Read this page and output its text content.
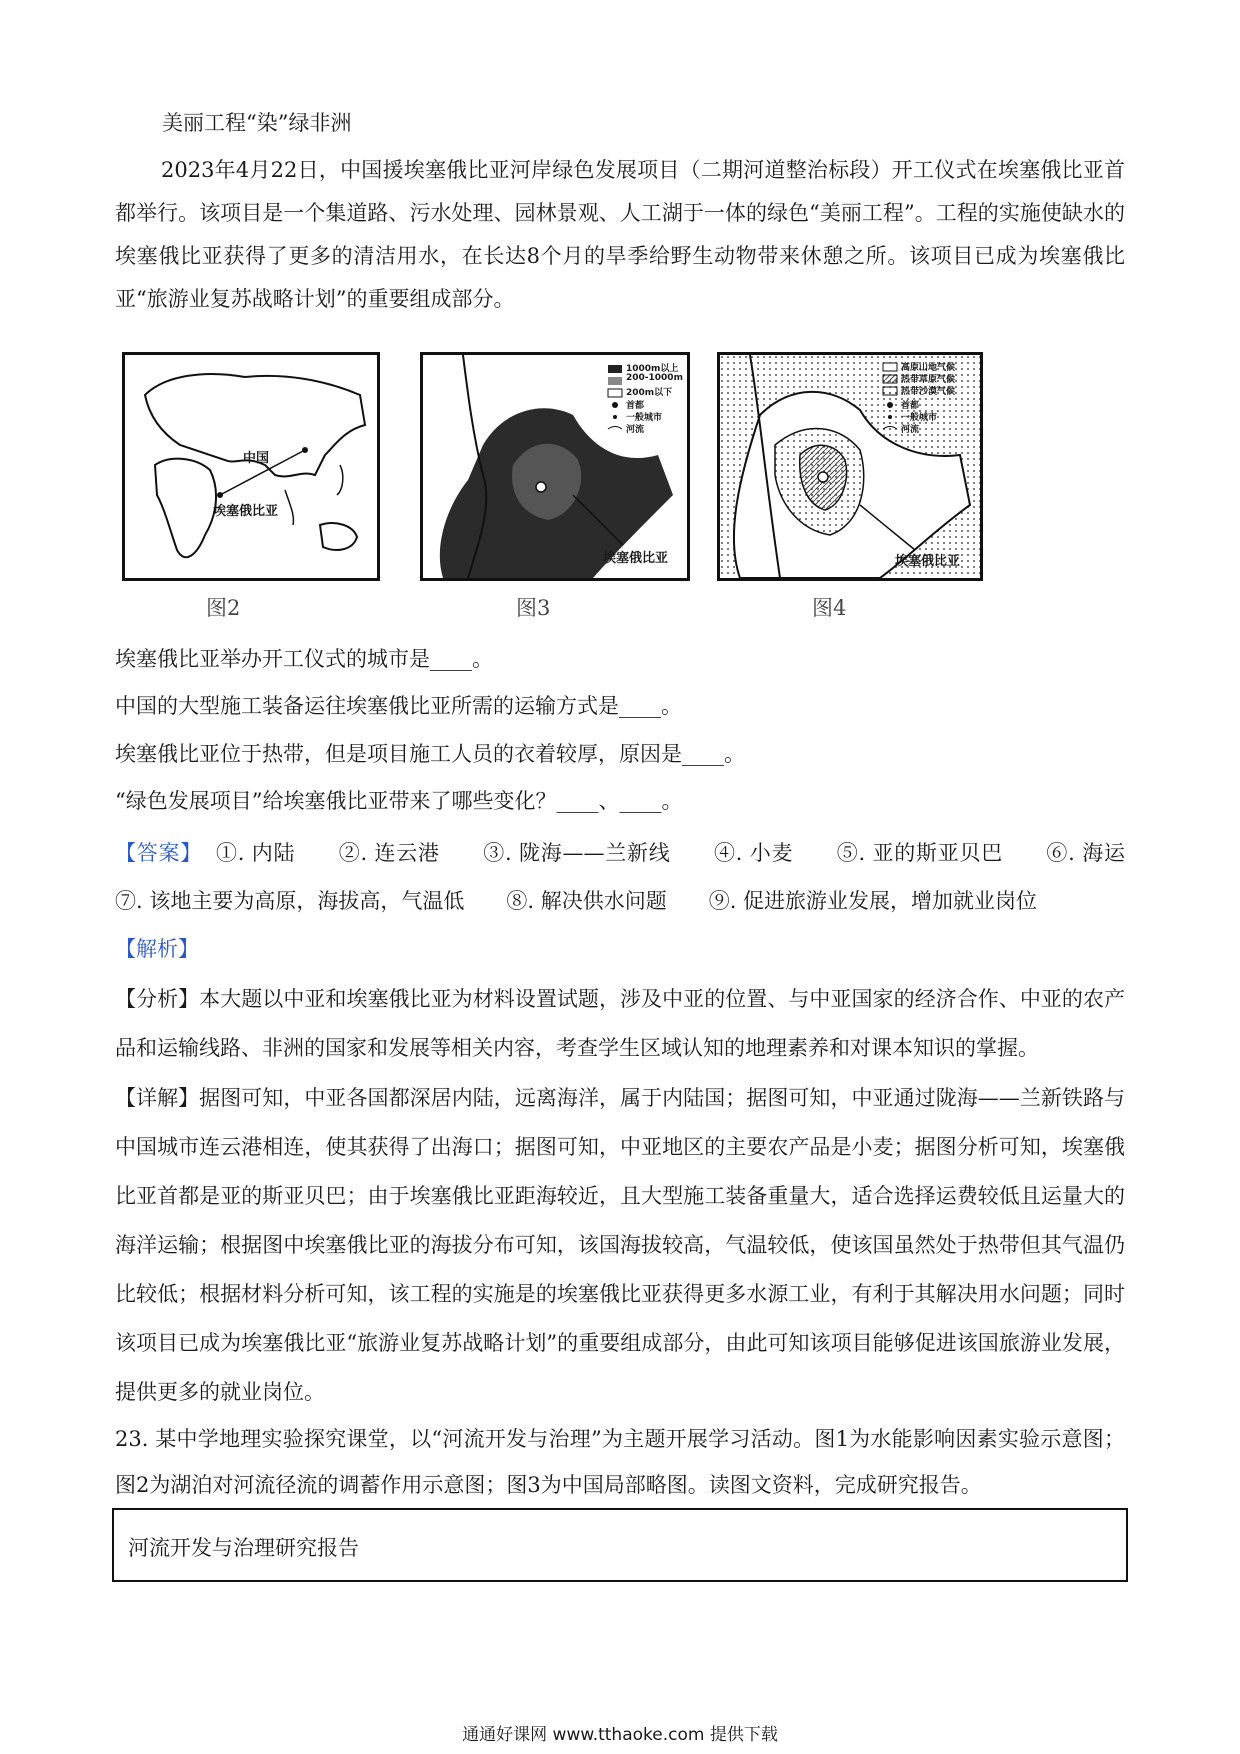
美丽工程“染”绿非洲
2023年4月22日，中国援埃塞俄比亚河岸绿色发展项目（二期河道整治标段）开工仪式在埃塞俄比亚首都举行。该项目是一个集道路、污水处理、园林景观、人工湖于一体的绿色“美丽工程”。工程的实施使缺水的埃塞俄比亚获得了更多的清洁用水，在长达8个月的旱季给野生动物带来休憩之所。该项目已成为埃塞俄比亚“旅游业复苏战略计划”的重要组成部分。
中国
埃塞俄比亚
图2
1000m以上
200-1000m
200m以下
首都
一般城市
河流
埃塞俄比亚
图3
高原山地气候
热带草原气候
热带沙漠气候
首都
一般城市
河流
埃塞俄比亚
图4
埃塞俄比亚举办开工仪式的城市是____。
中国的大型施工装备运往埃塞俄比亚所需的运输方式是____。
埃塞俄比亚位于热带，但是项目施工人员的衣着较厚，原因是____。
“绿色发展项目”给埃塞俄比亚带来了哪些变化？____、____。
【答案】 ①. 内陆　　②. 连云港　　③. 陇海——兰新线　　④. 小麦　　⑤. 亚的斯亚贝巴　　⑥. 海运　　⑦. 该地主要为高原，海拔高，气温低　　⑧. 解决供水问题　　⑨. 促进旅游业发展，增加就业岗位
【解析】
【分析】本大题以中亚和埃塞俄比亚为材料设置试题，涉及中亚的位置、与中亚国家的经济合作、中亚的农产品和运输线路、非洲的国家和发展等相关内容，考查学生区域认知的地理素养和对课本知识的掌握。
【详解】据图可知，中亚各国都深居内陆，远离海洋，属于内陆国；据图可知，中亚通过陇海——兰新铁路与中国城市连云港相连，使其获得了出海口；据图可知，中亚地区的主要农产品是小麦；据图分析可知，埃塞俄比亚首都是亚的斯亚贝巴；由于埃塞俄比亚距海较近，且大型施工装备重量大，适合选择运费较低且运量大的海洋运输；根据图中埃塞俄比亚的海拔分布可知，该国海拔较高，气温较低，使该国虽然处于热带但其气温仍比较低；根据材料分析可知，该工程的实施是的埃塞俄比亚获得更多水源工业，有利于其解决用水问题；同时该项目已成为埃塞俄比亚“旅游业复苏战略计划”的重要组成部分，由此可知该项目能够促进该国旅游业发展，提供更多的就业岗位。
23. 某中学地理实验探究课堂，以“河流开发与治理”为主题开展学习活动。图1为水能影响因素实验示意图；图2为湖泊对河流径流的调蓄作用示意图；图3为中国局部略图。读图文资料，完成研究报告。
河流开发与治理研究报告
通通好课网 www.tthaoke.com 提供下载
